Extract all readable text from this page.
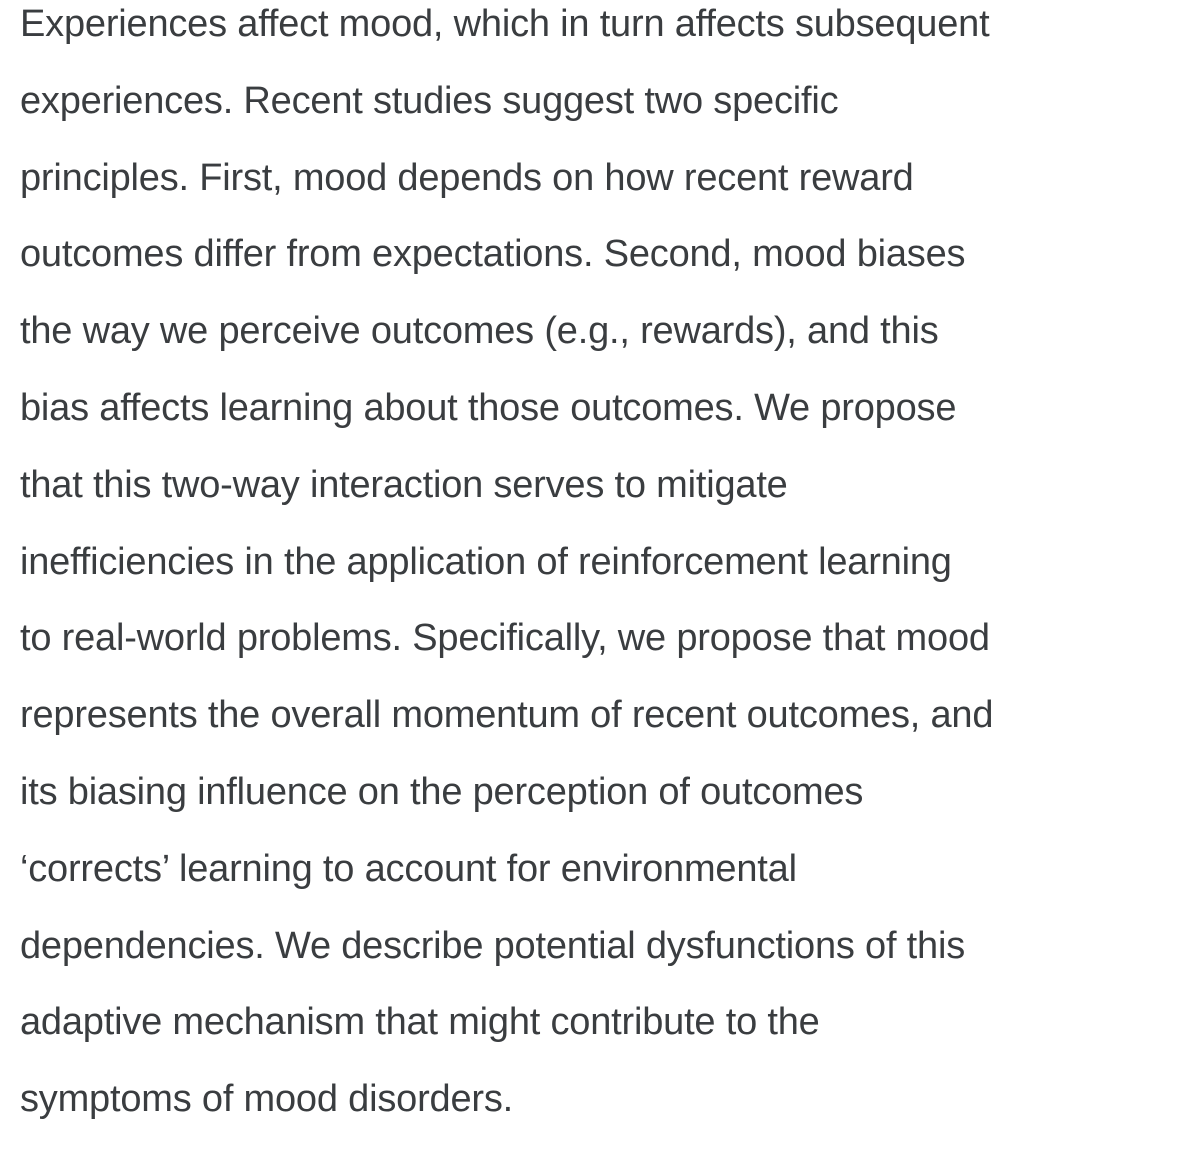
Experiences affect mood, which in turn affects subsequent
experiences. Recent studies suggest two specific
principles. First, mood depends on how recent reward
outcomes differ from expectations. Second, mood biases
the way we perceive outcomes (e.g., rewards), and this
bias affects learning about those outcomes. We propose
that this two-way interaction serves to mitigate
inefficiencies in the application of reinforcement learning
to real-world problems. Specifically, we propose that mood
represents the overall momentum of recent outcomes, and
its biasing influence on the perception of outcomes
‘corrects’ learning to account for environmental
dependencies. We describe potential dysfunctions of this
adaptive mechanism that might contribute to the
symptoms of mood disorders.
